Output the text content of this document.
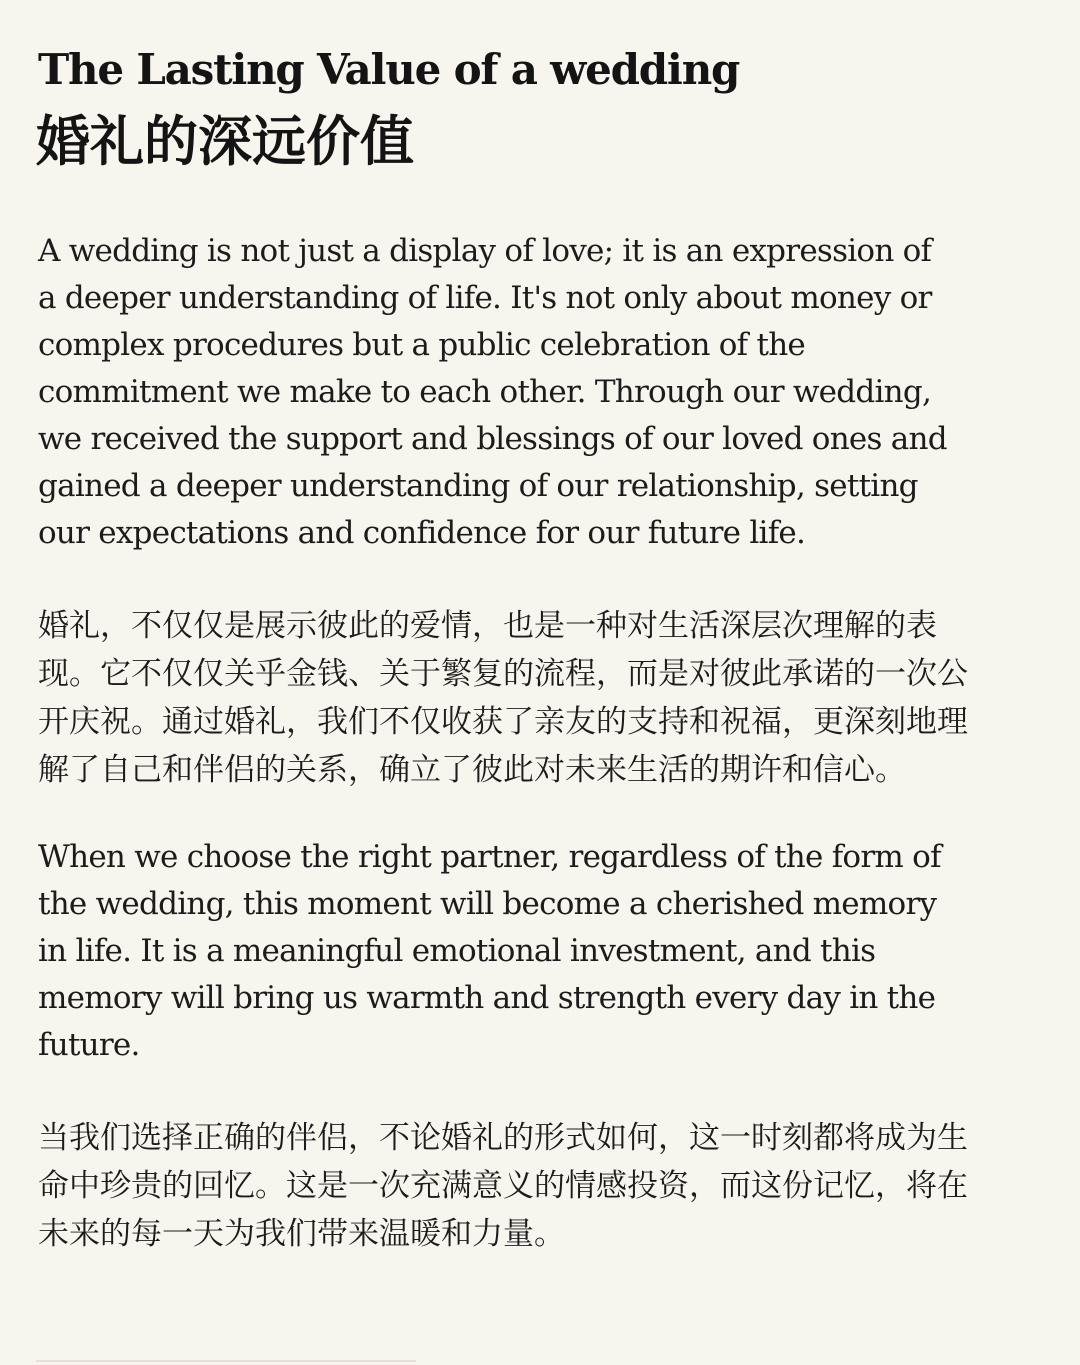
The Lasting Value of a wedding
婚礼的深远价值
A wedding is not just a display of love; it is an expression of
a deeper understanding of life. It's not only about money or
complex procedures but a public celebration of the
commitment we make to each other. Through our wedding,
we received the support and blessings of our loved ones and
gained a deeper understanding of our relationship, setting
our expectations and confidence for our future life.
婚礼，不仅仅是展示彼此的爱情，也是一种对生活深层次理解的表
现。它不仅仅关乎金钱、关于繁复的流程，而是对彼此承诺的一次公
开庆祝。通过婚礼，我们不仅收获了亲友的支持和祝福，更深刻地理
解了自己和伴侣的关系，确立了彼此对未来生活的期许和信心。
When we choose the right partner, regardless of the form of
the wedding, this moment will become a cherished memory
in life. It is a meaningful emotional investment, and this
memory will bring us warmth and strength every day in the
future.
当我们选择正确的伴侣，不论婚礼的形式如何，这一时刻都将成为生
命中珍贵的回忆。这是一次充满意义的情感投资，而这份记忆，将在
未来的每一天为我们带来温暖和力量。
